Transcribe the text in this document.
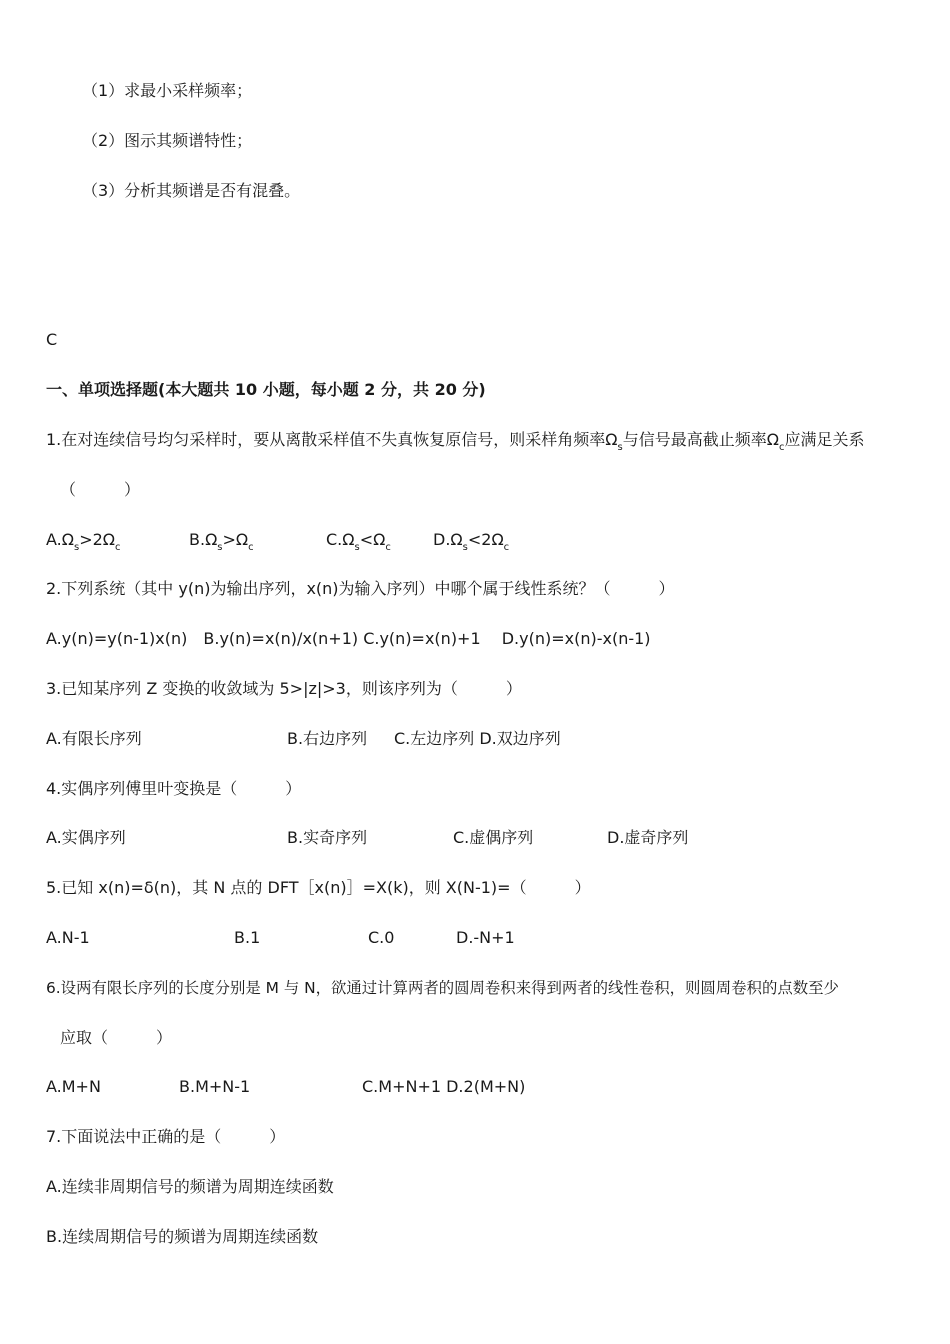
（1）求最小采样频率；
（2）图示其频谱特性；
（3）分析其频谱是否有混叠。
C
一、单项选择题(本大题共 10 小题，每小题 2 分，共 20 分)
1.在对连续信号均匀采样时，要从离散采样值不失真恢复原信号，则采样角频率$\Omega_s$与信号最高截止频率$\Omega_c$应满足关系
（　　　）
$A.\Omega_s>2\Omega_c$	$B.\Omega_s>\Omega_c$	$C.\Omega_s<\Omega_c$	$D.\Omega_s<2\Omega_c$
2.下列系统（其中 y(n)为输出序列，x(n)为输入序列）中哪个属于线性系统？（　　　）
A.y(n)=y(n-1)x(n)　B.y(n)=x(n)/x(n+1) C.y(n)=x(n)+1　 D.y(n)=x(n)-x(n-1)
3.已知某序列 Z 变换的收敛域为 5>|z|>3，则该序列为（　　　）
A.有限长序列	B.右边序列 C.左边序列 D.双边序列
4.实偶序列傅里叶变换是（　　　）
A.实偶序列	B.实奇序列	C.虚偶序列	D.虚奇序列
5.已知 x(n)=δ(n)，其 N 点的 DFT［x(n)］=X(k)，则 X(N-1)=（　　　）
A.N-1	B.1	C.0	D.-N+1
6.设两有限长序列的长度分别是 M 与 N，欲通过计算两者的圆周卷积来得到两者的线性卷积，则圆周卷积的点数至少
应取（　　　）
A.M+N	B.M+N-1	C.M+N+1 D.2(M+N)
7.下面说法中正确的是（　　　）
A.连续非周期信号的频谱为周期连续函数
B.连续周期信号的频谱为周期连续函数
